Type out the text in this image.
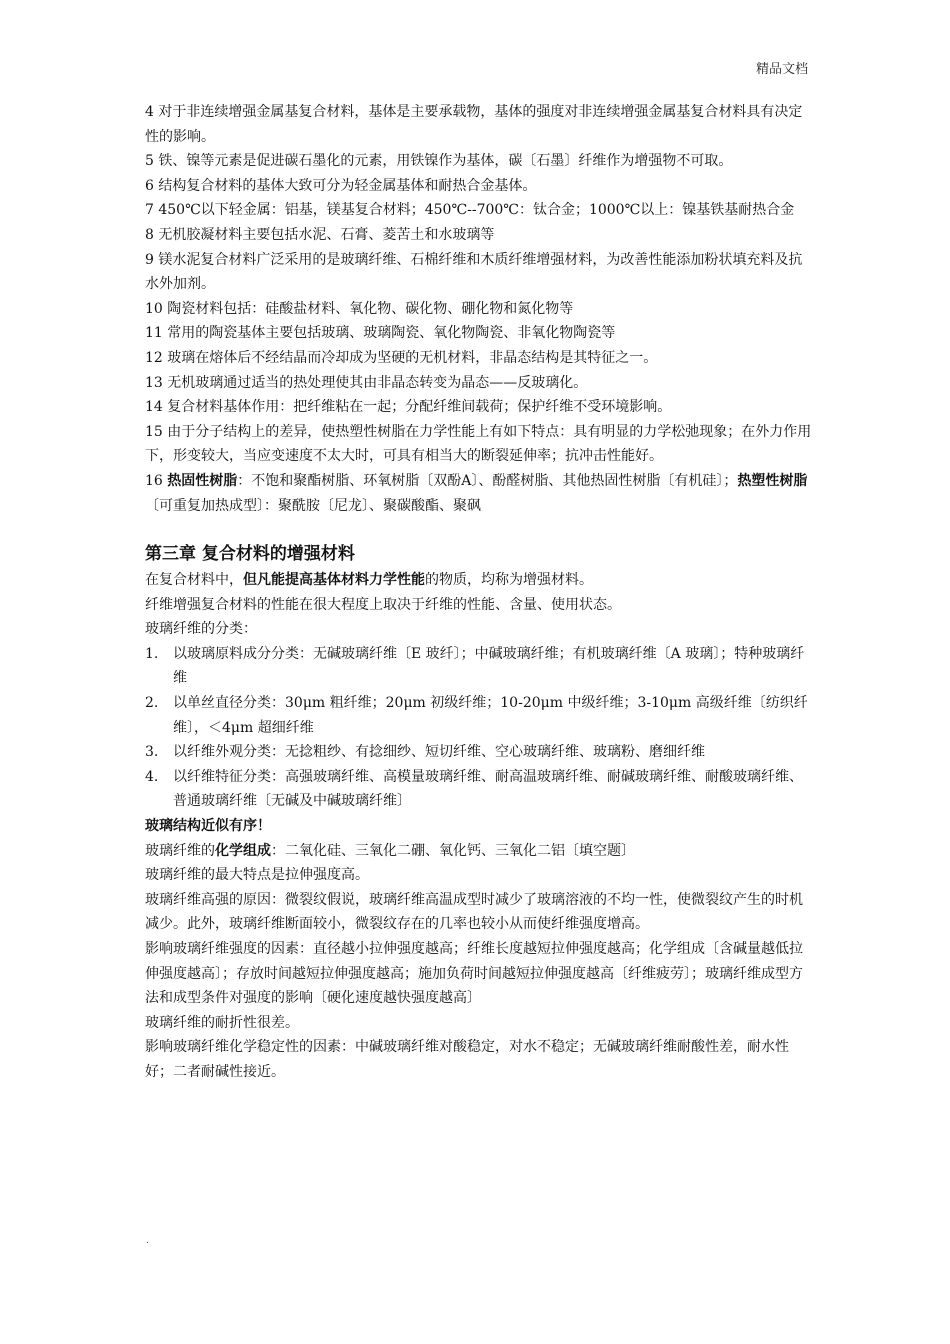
精品文档

4 对于非连续增强金属基复合材料，基体是主要承载物，基体的强度对非连续增强金属基复合材料具有决定性的影响。

5 铁、镍等元素是促进碳石墨化的元素，用铁镍作为基体，碳〔石墨〕纤维作为增强物不可取。

6 结构复合材料的基体大致可分为轻金属基体和耐热合金基体。

7 450℃以下轻金属：铝基，镁基复合材料；450℃--700℃：钛合金；1000℃以上：镍基铁基耐热合金

8 无机胶凝材料主要包括水泥、石膏、菱苦土和水玻璃等

9 镁水泥复合材料广泛采用的是玻璃纤维、石棉纤维和木质纤维增强材料，为改善性能添加粉状填充料及抗水外加剂。

10 陶瓷材料包括：硅酸盐材料、氧化物、碳化物、硼化物和氮化物等

11 常用的陶瓷基体主要包括玻璃、玻璃陶瓷、氧化物陶瓷、非氧化物陶瓷等

12 玻璃在熔体后不经结晶而冷却成为坚硬的无机材料，非晶态结构是其特征之一。

13 无机玻璃通过适当的热处理使其由非晶态转变为晶态——反玻璃化。

14 复合材料基体作用：把纤维粘在一起；分配纤维间载荷；保护纤维不受环境影响。

15 由于分子结构上的差异，使热塑性树脂在力学性能上有如下特点：具有明显的力学松弛现象；在外力作用下，形变较大，当应变速度不太大时，可具有相当大的断裂延伸率；抗冲击性能好。

16 热固性树脂：不饱和聚酯树脂、环氧树脂〔双酚A〕、酚醛树脂、其他热固性树脂〔有机硅〕；热塑性树脂〔可重复加热成型〕：聚酰胺〔尼龙〕、聚碳酸酯、聚砜

第三章 复合材料的增强材料

在复合材料中，但凡能提高基体材料力学性能的物质，均称为增强材料。

纤维增强复合材料的性能在很大程度上取决于纤维的性能、含量、使用状态。

玻璃纤维的分类：

1. 以玻璃原料成分分类：无碱玻璃纤维〔E 玻纤〕；中碱玻璃纤维；有机玻璃纤维〔A 玻璃〕；特种玻璃纤维
2. 以单丝直径分类：30μm 粗纤维；20μm 初级纤维；10-20μm 中级纤维；3-10μm 高级纤维〔纺织纤维〕，＜4μm 超细纤维
3. 以纤维外观分类：无捻粗纱、有捻细纱、短切纤维、空心玻璃纤维、玻璃粉、磨细纤维
4. 以纤维特征分类：高强玻璃纤维、高模量玻璃纤维、耐高温玻璃纤维、耐碱玻璃纤维、耐酸玻璃纤维、普通玻璃纤维〔无碱及中碱玻璃纤维〕

玻璃结构近似有序！

玻璃纤维的化学组成：二氧化硅、三氧化二硼、氧化钙、三氧化二铝〔填空题〕

玻璃纤维的最大特点是拉伸强度高。

玻璃纤维高强的原因：微裂纹假说，玻璃纤维高温成型时减少了玻璃溶液的不均一性，使微裂纹产生的时机减少。此外，玻璃纤维断面较小，微裂纹存在的几率也较小从而使纤维强度增高。

影响玻璃纤维强度的因素：直径越小拉伸强度越高；纤维长度越短拉伸强度越高；化学组成〔含碱量越低拉伸强度越高〕；存放时间越短拉伸强度越高；施加负荷时间越短拉伸强度越高〔纤维疲劳〕；玻璃纤维成型方法和成型条件对强度的影响〔硬化速度越快强度越高〕

玻璃纤维的耐折性很差。

影响玻璃纤维化学稳定性的因素：中碱玻璃纤维对酸稳定，对水不稳定；无碱玻璃纤维耐酸性差，耐水性好；二者耐碱性接近。

.
